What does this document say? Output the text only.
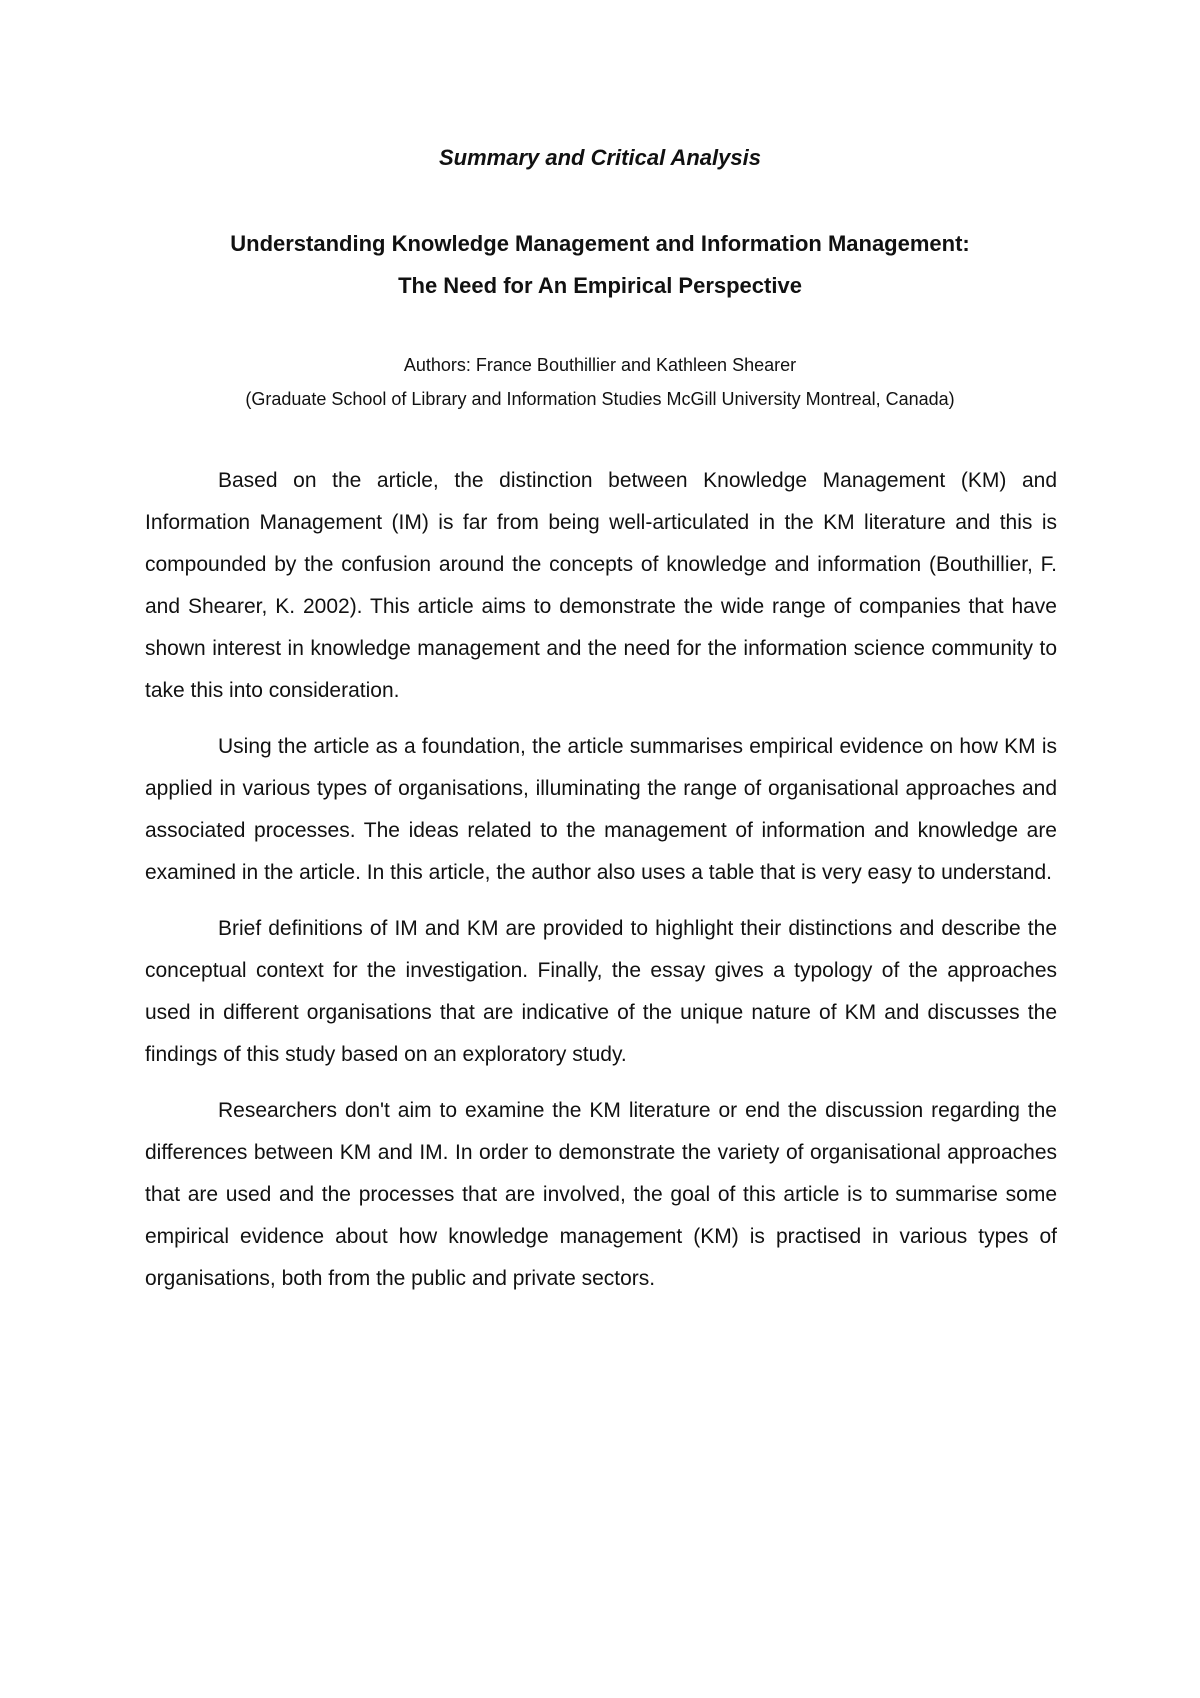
Summary and Critical Analysis
Understanding Knowledge Management and Information Management:
The Need for An Empirical Perspective

Authors: France Bouthillier and Kathleen Shearer

(Graduate School of Library and Information Studies McGill University Montreal, Canada)

Based on the article, the distinction between Knowledge Management (KM) and Information Management (IM) is far from being well-articulated in the KM literature and this is compounded by the confusion around the concepts of knowledge and information (Bouthillier, F. and Shearer, K. 2002). This article aims to demonstrate the wide range of companies that have shown interest in knowledge management and the need for the information science community to take this into consideration.

Using the article as a foundation, the article summarises empirical evidence on how KM is applied in various types of organisations, illuminating the range of organisational approaches and associated processes. The ideas related to the management of information and knowledge are examined in the article. In this article, the author also uses a table that is very easy to understand.

Brief definitions of IM and KM are provided to highlight their distinctions and describe the conceptual context for the investigation. Finally, the essay gives a typology of the approaches used in different organisations that are indicative of the unique nature of KM and discusses the findings of this study based on an exploratory study.

Researchers don't aim to examine the KM literature or end the discussion regarding the differences between KM and IM. In order to demonstrate the variety of organisational approaches that are used and the processes that are involved, the goal of this article is to summarise some empirical evidence about how knowledge management (KM) is practised in various types of organisations, both from the public and private sectors.
